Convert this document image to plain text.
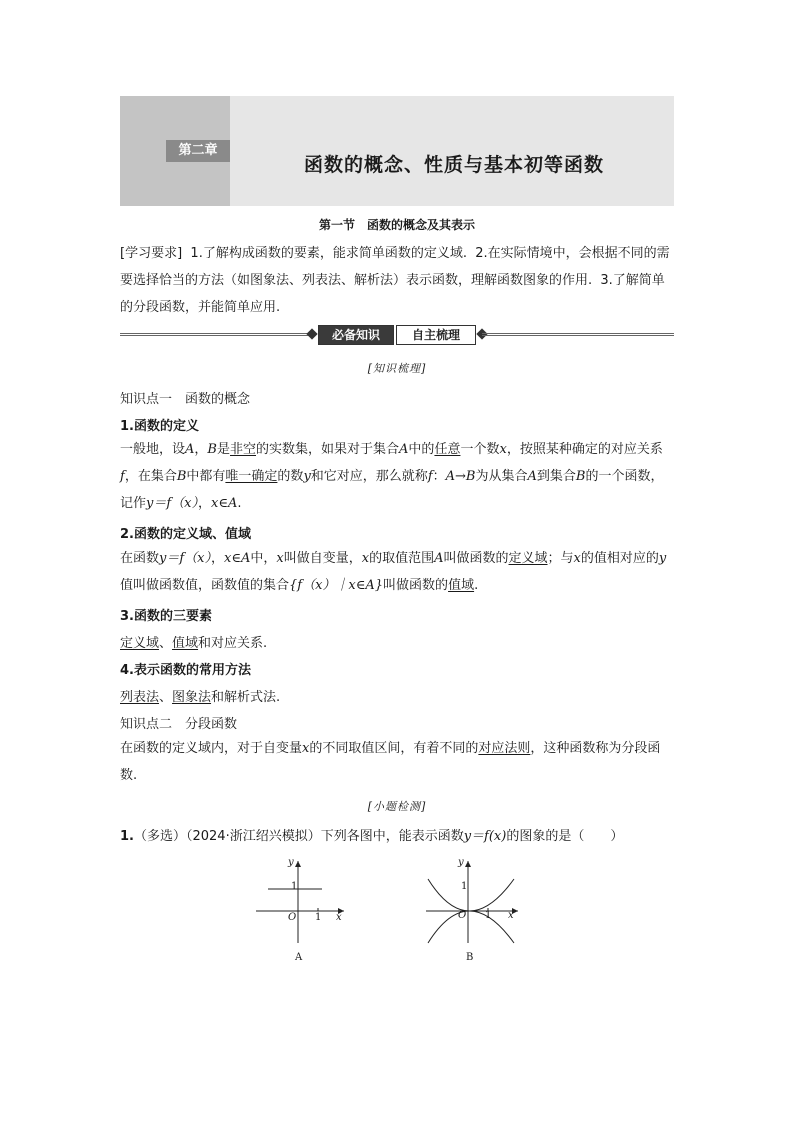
第二章
函数的概念、性质与基本初等函数
第一节　函数的概念及其表示
[学习要求] 1.了解构成函数的要素，能求简单函数的定义域. 2.在实际情境中，会根据不同的需要选择恰当的方法（如图象法、列表法、解析法）表示函数，理解函数图象的作用. 3.了解简单的分段函数，并能简单应用.
必备知识	自主梳理
[知识梳理]
知识点一　函数的概念
1.函数的定义
一般地，设A，B是非空的实数集，如果对于集合A中的任意一个数x，按照某种确定的对应关系f，在集合B中都有唯一确定的数y和它对应，那么就称f：A→B为从集合A到集合B的一个函数，记作y＝f（x），x∈A.
2.函数的定义域、值域
在函数y＝f（x），x∈A中，x叫做自变量，x的取值范围A叫做函数的定义域；与x的值相对应的y值叫做函数值，函数值的集合{f（x）｜x∈A}叫做函数的值域.
3.函数的三要素
定义域、值域和对应关系.
4.表示函数的常用方法
列表法、图象法和解析式法.
知识点二　分段函数
在函数的定义域内，对于自变量x的不同取值区间，有着不同的对应法则，这种函数称为分段函数.
[小题检测]
1.（多选）（2024·浙江绍兴模拟）下列各图中，能表示函数y＝f(x)的图象的是（　　）
y
1
O 1 x
A
y
1
O 1 x
B
